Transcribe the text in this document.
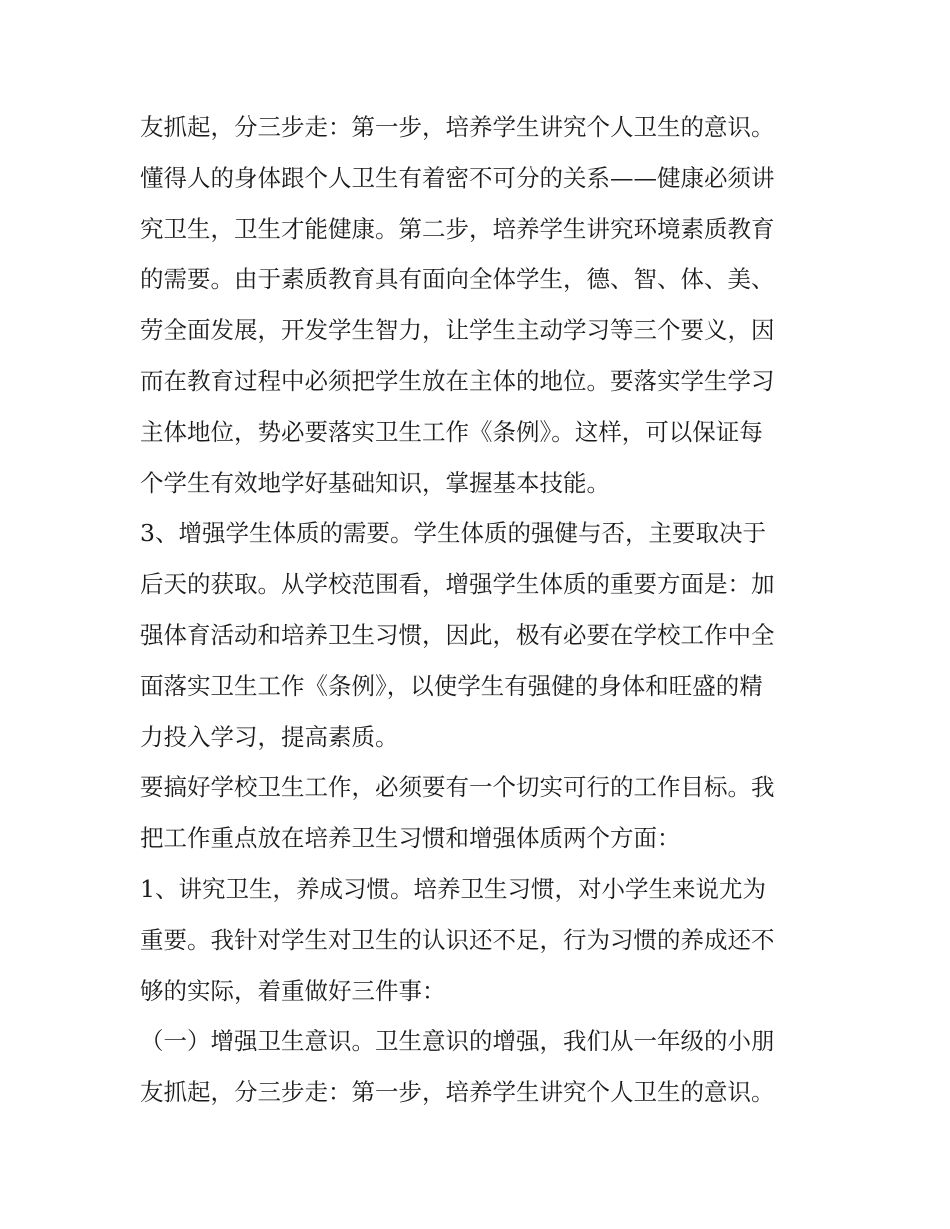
友抓起，分三步走：第一步，培养学生讲究个人卫生的意识。
懂得人的身体跟个人卫生有着密不可分的关系——健康必须讲
究卫生，卫生才能健康。第二步，培养学生讲究环境素质教育
的需要。由于素质教育具有面向全体学生，德、智、体、美、
劳全面发展，开发学生智力，让学生主动学习等三个要义，因
而在教育过程中必须把学生放在主体的地位。要落实学生学习
主体地位，势必要落实卫生工作《条例》。这样，可以保证每
个学生有效地学好基础知识，掌握基本技能。
3、增强学生体质的需要。学生体质的强健与否，主要取决于
后天的获取。从学校范围看，增强学生体质的重要方面是：加
强体育活动和培养卫生习惯，因此，极有必要在学校工作中全
面落实卫生工作《条例》，以使学生有强健的身体和旺盛的精
力投入学习，提高素质。
要搞好学校卫生工作，必须要有一个切实可行的工作目标。我
把工作重点放在培养卫生习惯和增强体质两个方面：
1、讲究卫生，养成习惯。培养卫生习惯，对小学生来说尤为
重要。我针对学生对卫生的认识还不足，行为习惯的养成还不
够的实际，着重做好三件事：
（一）增强卫生意识。卫生意识的增强，我们从一年级的小朋
友抓起，分三步走：第一步，培养学生讲究个人卫生的意识。
